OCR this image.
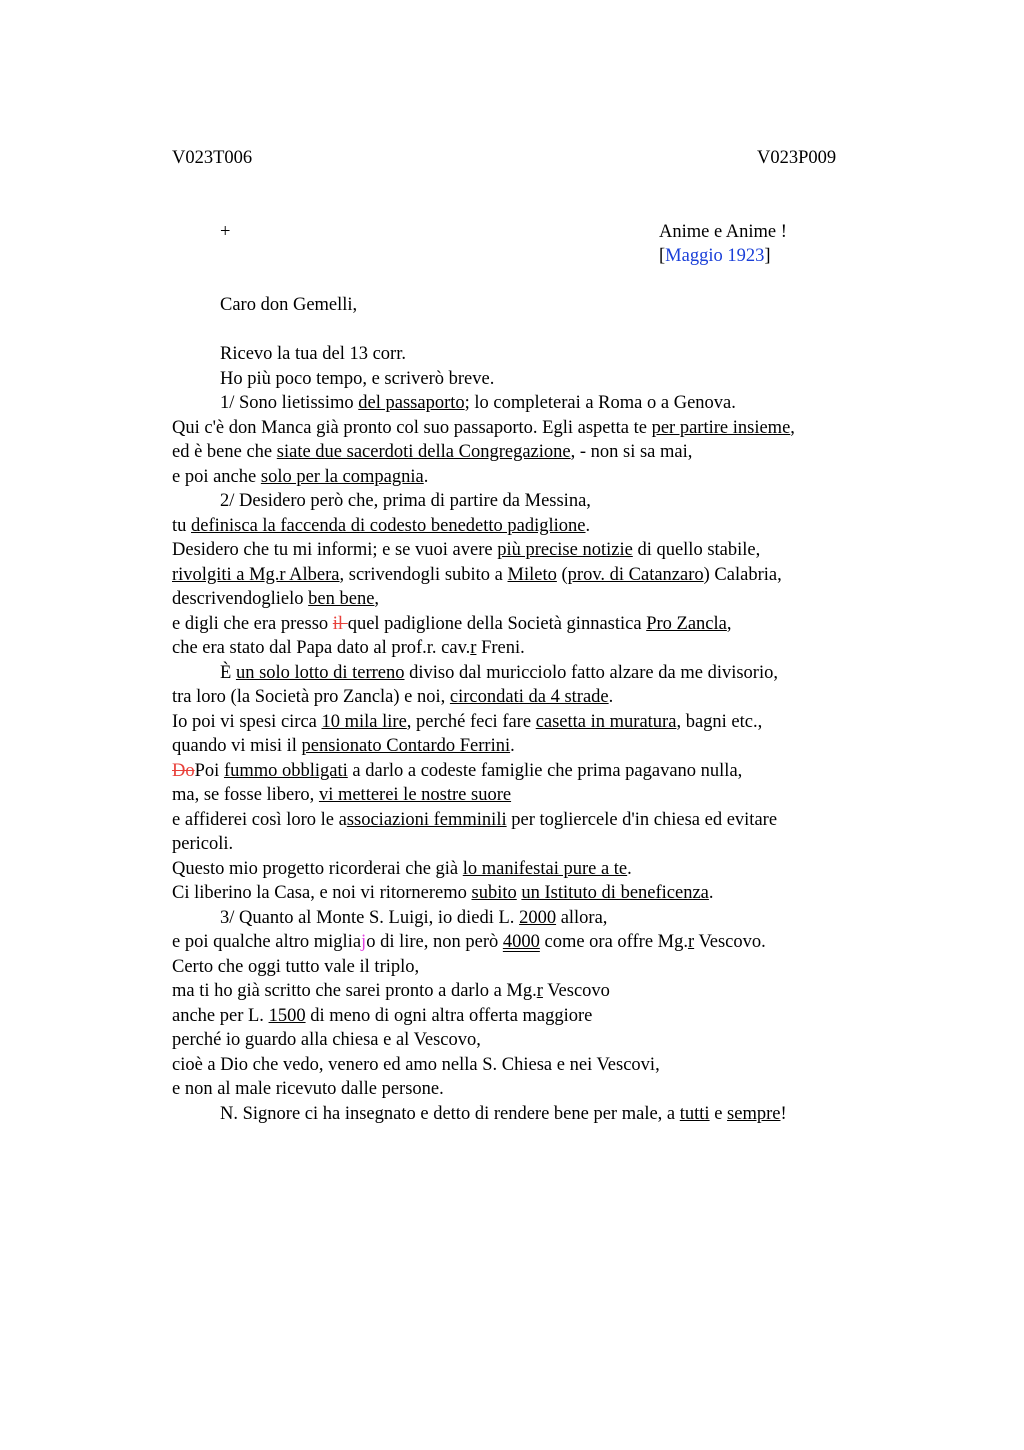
V023T006	V023P009
+	Anime e Anime !
[Maggio 1923]
Caro don Gemelli,
Ricevo la tua del 13 corr.
Ho più poco tempo, e scriverò breve.
1/ Sono lietissimo del passaporto; lo completerai a Roma o a Genova.
Qui c'è don Manca già pronto col suo passaporto. Egli aspetta te per partire insieme,
ed è bene che siate due sacerdoti della Congregazione, - non si sa mai,
e poi anche solo per la compagnia.
2/ Desidero però che, prima di partire da Messina,
tu definisca la faccenda di codesto benedetto padiglione.
Desidero che tu mi informi; e se vuoi avere più precise notizie di quello stabile,
rivolgiti a Mg.r Albera, scrivendogli subito a Mileto (prov. di Catanzaro) Calabria,
descrivendoglielo ben bene,
e digli che era presso il quel padiglione della Società ginnastica Pro Zancla,
che era stato dal Papa dato al prof.r. cav.r Freni.
È un solo lotto di terreno diviso dal muricciolo fatto alzare da me divisorio,
tra loro (la Società pro Zancla) e noi, circondati da 4 strade.
Io poi vi spesi circa 10 mila lire, perché feci fare casetta in muratura, bagni etc.,
quando vi misi il pensionato Contardo Ferrini.
DoPoi fummo obbligati a darlo a codeste famiglie che prima pagavano nulla,
ma, se fosse libero, vi metterei le nostre suore
e affiderei così loro le associazioni femminili per togliercele d'in chiesa ed evitare
pericoli.
Questo mio progetto ricorderai che già lo manifestai pure a te.
Ci liberino la Casa, e noi vi ritorneremo subito un Istituto di beneficenza.
3/ Quanto al Monte S. Luigi, io diedi L. 2000 allora,
e poi qualche altro migliajo di lire, non però 4000 come ora offre Mg.r Vescovo.
Certo che oggi tutto vale il triplo,
ma ti ho già scritto che sarei pronto a darlo a Mg.r Vescovo
anche per L. 1500 di meno di ogni altra offerta maggiore
perché io guardo alla chiesa e al Vescovo,
cioè a Dio che vedo, venero ed amo nella S. Chiesa e nei Vescovi,
e non al male ricevuto dalle persone.
N. Signore ci ha insegnato e detto di rendere bene per male, a tutti e sempre!
